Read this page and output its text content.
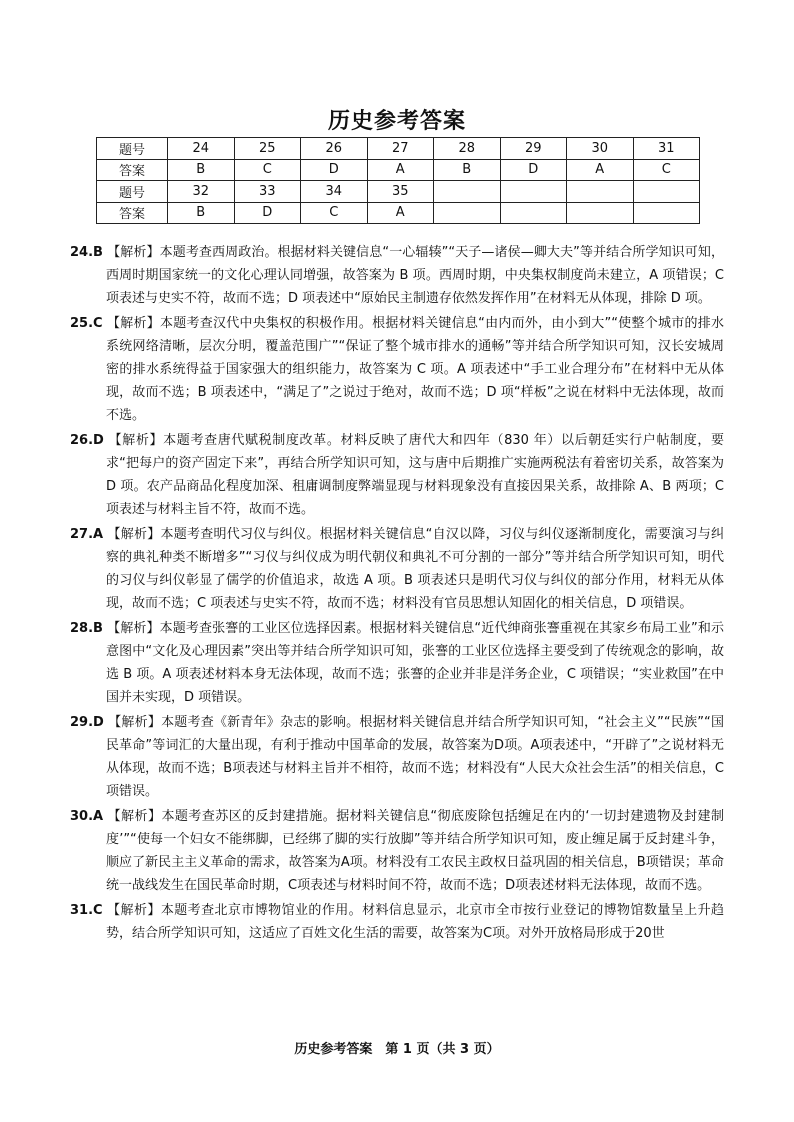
历史参考答案
题号	24	25	26	27	28	29	30	31
答案	B	C	D	A	B	D	A	C
题号	32	33	34	35				
答案	B	D	C	A				

24.B 【解析】本题考查西周政治。根据材料关键信息“一心辐辏”“天子—诸侯—卿大夫”等并结合所学知识可知，西周时期国家统一的文化心理认同增强，故答案为 B 项。西周时期，中央集权制度尚未建立，A 项错误；C 项表述与史实不符，故而不选；D 项表述中“原始民主制遗存依然发挥作用”在材料无从体现，排除 D 项。

25.C 【解析】本题考查汉代中央集权的积极作用。根据材料关键信息“由内而外，由小到大”“使整个城市的排水系统网络清晰，层次分明，覆盖范围广”“保证了整个城市排水的通畅”等并结合所学知识可知，汉长安城周密的排水系统得益于国家强大的组织能力，故答案为 C 项。A 项表述中“手工业合理分布”在材料中无从体现，故而不选；B 项表述中，“满足了”之说过于绝对，故而不选；D 项“样板”之说在材料中无法体现，故而不选。

26.D 【解析】本题考查唐代赋税制度改革。材料反映了唐代大和四年（830 年）以后朝廷实行户帖制度，要求“把每户的资产固定下来”，再结合所学知识可知，这与唐中后期推广实施两税法有着密切关系，故答案为 D 项。农产品商品化程度加深、租庸调制度弊端显现与材料现象没有直接因果关系，故排除 A、B 两项；C 项表述与材料主旨不符，故而不选。

27.A 【解析】本题考查明代习仪与纠仪。根据材料关键信息“自汉以降，习仪与纠仪逐渐制度化，需要演习与纠察的典礼种类不断增多”“习仪与纠仪成为明代朝仪和典礼不可分割的一部分”等并结合所学知识可知，明代的习仪与纠仪彰显了儒学的价值追求，故选 A 项。B 项表述只是明代习仪与纠仪的部分作用，材料无从体现，故而不选；C 项表述与史实不符，故而不选；材料没有官员思想认知固化的相关信息，D 项错误。

28.B 【解析】本题考查张謇的工业区位选择因素。根据材料关键信息“近代绅商张謇重视在其家乡布局工业”和示意图中“文化及心理因素”突出等并结合所学知识可知，张謇的工业区位选择主要受到了传统观念的影响，故选 B 项。A 项表述材料本身无法体现，故而不选；张謇的企业并非是洋务企业，C 项错误；“实业救国”在中国并未实现，D 项错误。

29.D 【解析】本题考查《新青年》杂志的影响。根据材料关键信息并结合所学知识可知，“社会主义”“民族”“国民革命”等词汇的大量出现，有利于推动中国革命的发展，故答案为D项。A项表述中，“开辟了”之说材料无从体现，故而不选；B项表述与材料主旨并不相符，故而不选；材料没有“人民大众社会生活”的相关信息，C项错误。

30.A 【解析】本题考查苏区的反封建措施。据材料关键信息“彻底废除包括缠足在内的‘一切封建遗物及封建制度’”“使每一个妇女不能绑脚，已经绑了脚的实行放脚”等并结合所学知识可知，废止缠足属于反封建斗争，顺应了新民主主义革命的需求，故答案为A项。材料没有工农民主政权日益巩固的相关信息，B项错误；革命统一战线发生在国民革命时期，C项表述与材料时间不符，故而不选；D项表述材料无法体现，故而不选。

31.C 【解析】本题考查北京市博物馆业的作用。材料信息显示，北京市全市按行业登记的博物馆数量呈上升趋势，结合所学知识可知，这适应了百姓文化生活的需要，故答案为C项。对外开放格局形成于20世

历史参考答案　第 1 页（共 3 页）
